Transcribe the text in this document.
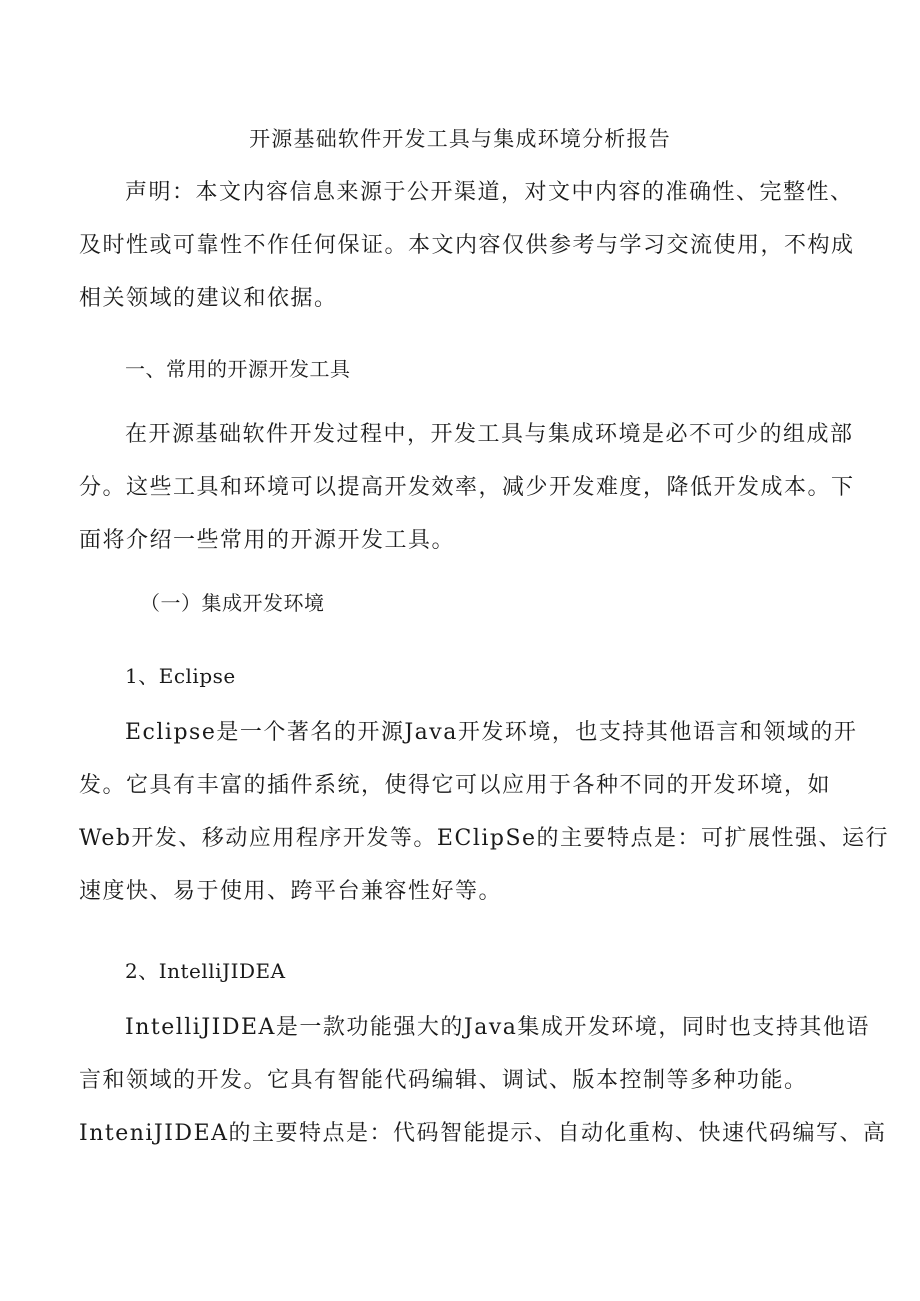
开源基础软件开发工具与集成环境分析报告
声明：本文内容信息来源于公开渠道，对文中内容的准确性、完整性、
及时性或可靠性不作任何保证。本文内容仅供参考与学习交流使用，不构成
相关领域的建议和依据。
一、常用的开源开发工具
在开源基础软件开发过程中，开发工具与集成环境是必不可少的组成部
分。这些工具和环境可以提高开发效率，减少开发难度，降低开发成本。下
面将介绍一些常用的开源开发工具。
（一）集成开发环境
1、Eclipse
Eclipse是一个著名的开源Java开发环境，也支持其他语言和领域的开
发。它具有丰富的插件系统，使得它可以应用于各种不同的开发环境，如
Web开发、移动应用程序开发等。EClipSe的主要特点是：可扩展性强、运行
速度快、易于使用、跨平台兼容性好等。
2、IntelliJIDEA
IntelliJIDEA是一款功能强大的Java集成开发环境，同时也支持其他语
言和领域的开发。它具有智能代码编辑、调试、版本控制等多种功能。
InteniJIDEA的主要特点是：代码智能提示、自动化重构、快速代码编写、高
